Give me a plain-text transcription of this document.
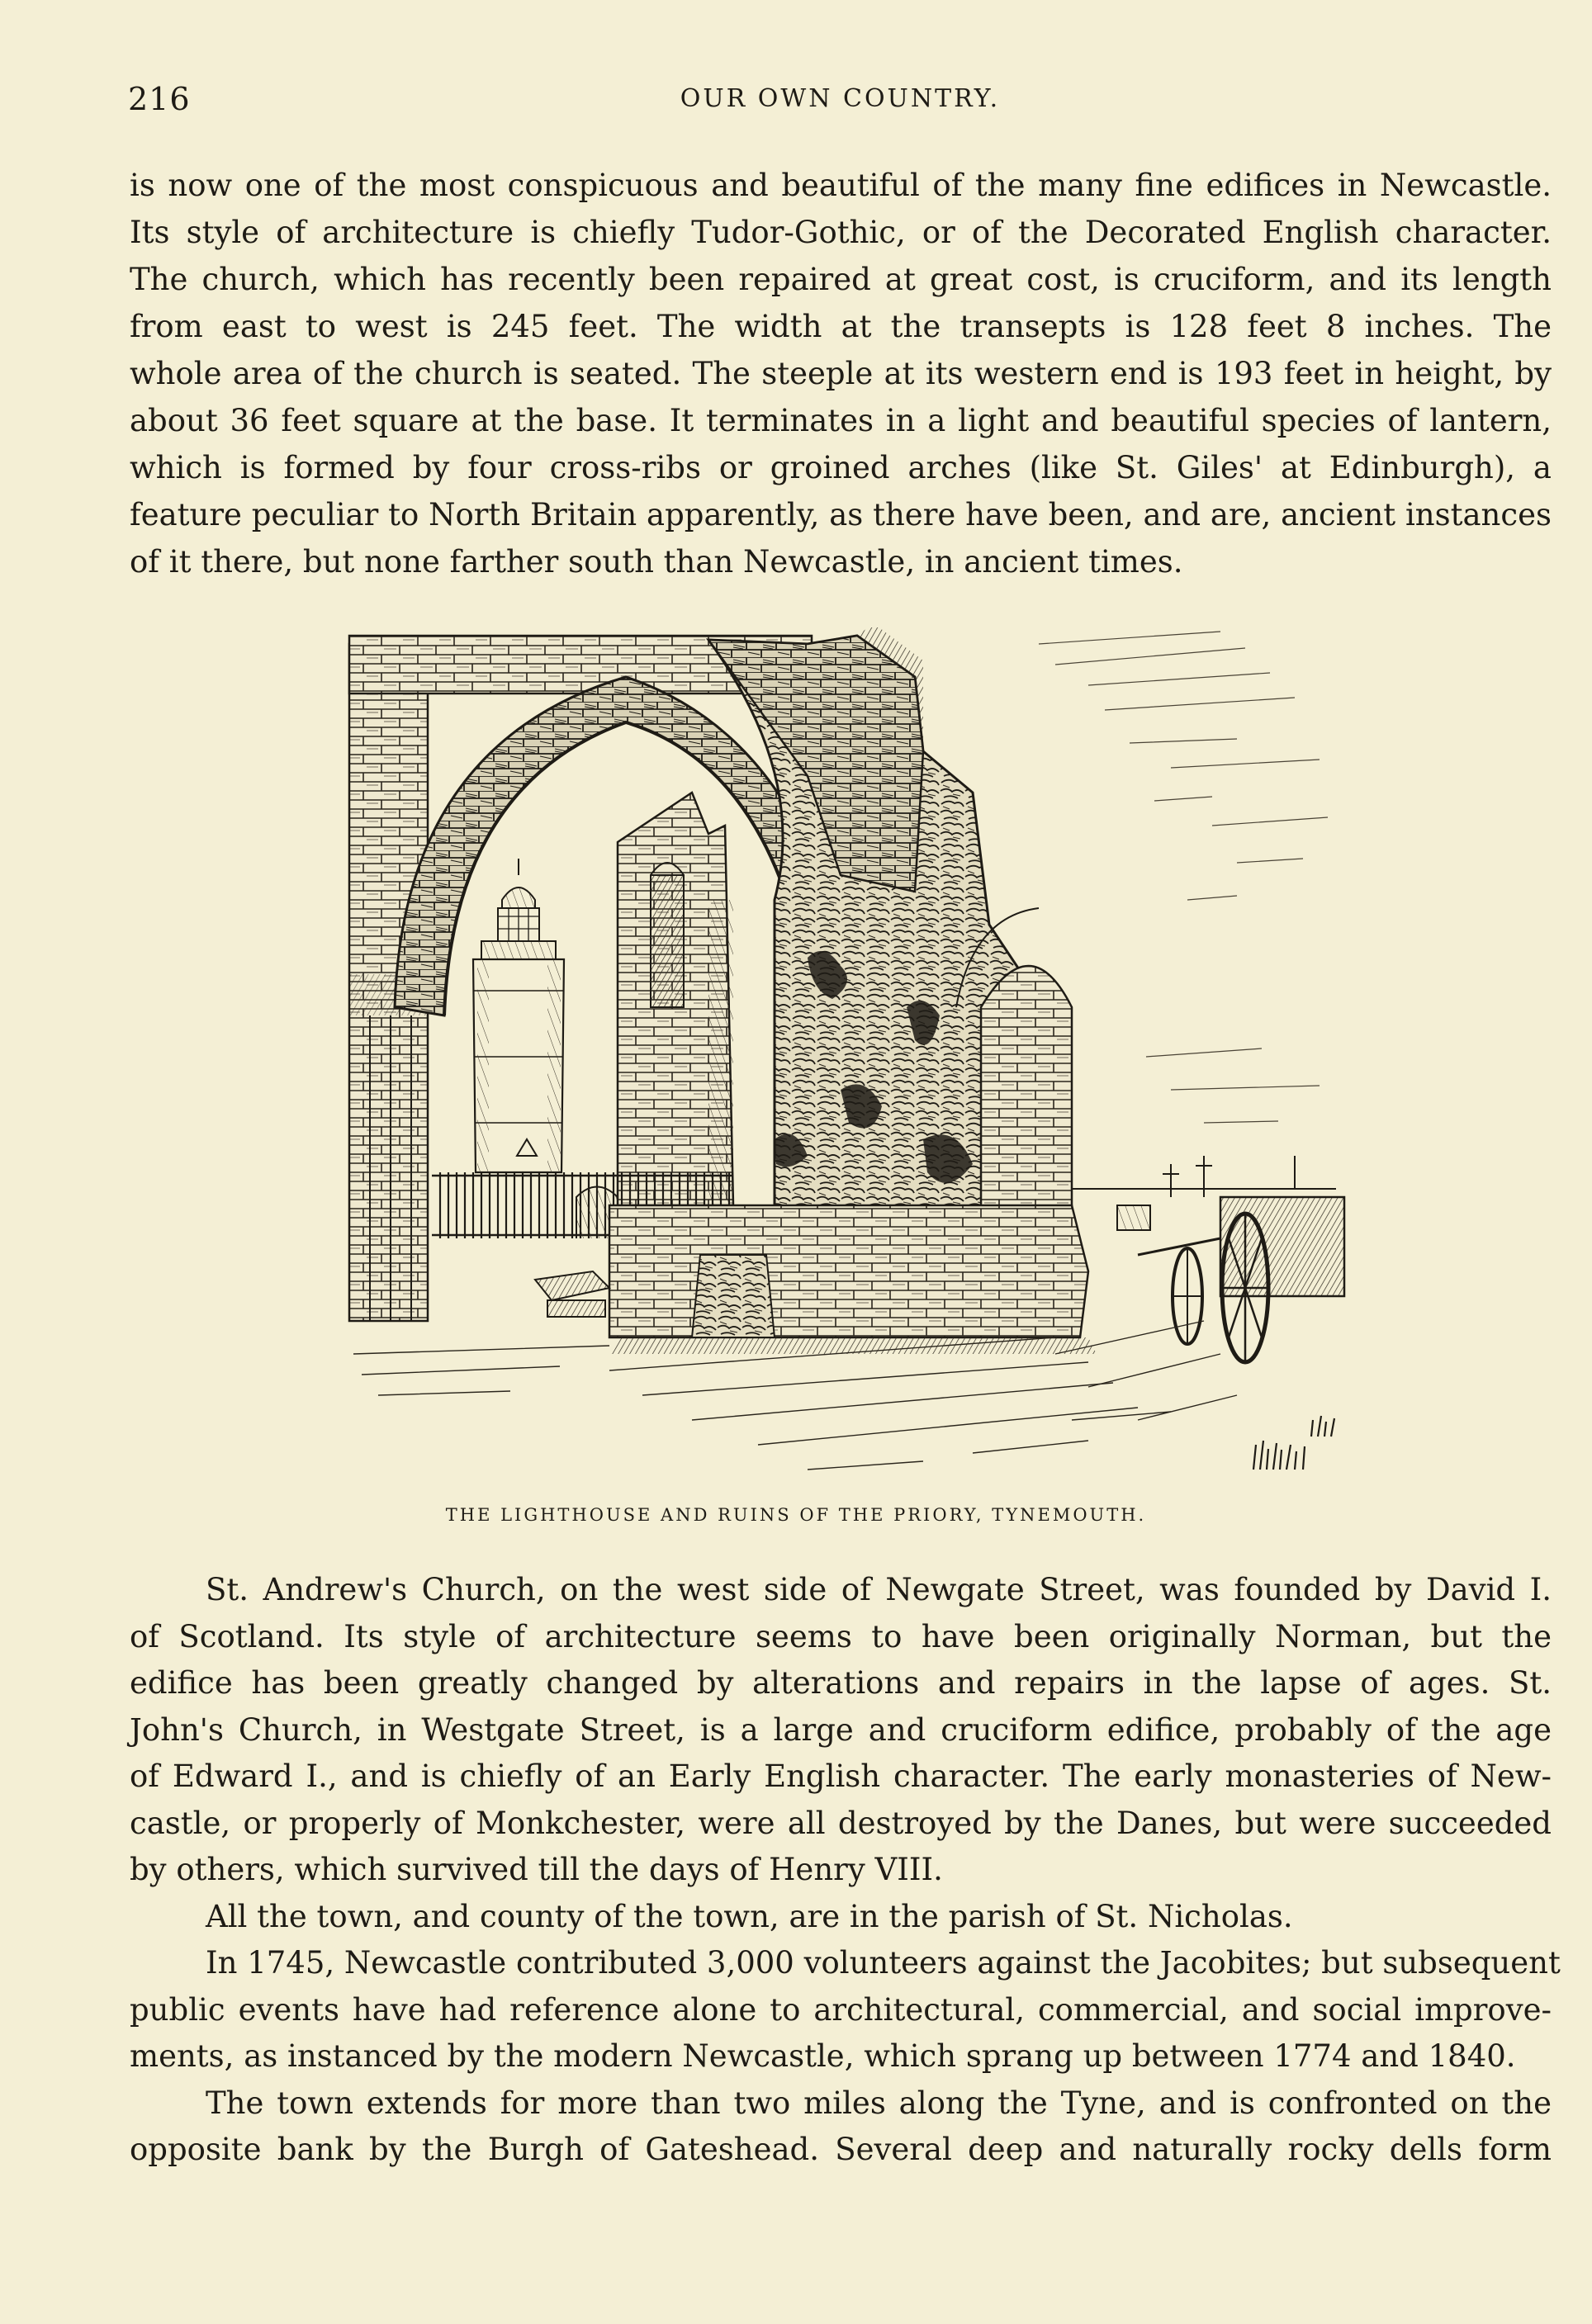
216	OUR OWN COUNTRY.

is now one of the most conspicuous and beautiful of the many fine edifices in Newcastle.

Its style of architecture is chiefly Tudor-Gothic, or of the Decorated English character.

The church, which has recently been repaired at great cost, is cruciform, and its length

from east to west is 245 feet. The width at the transepts is 128 feet 8 inches. The

whole area of the church is seated. The steeple at its western end is 193 feet in height, by

about 36 feet square at the base. It terminates in a light and beautiful species of lantern,

which is formed by four cross-ribs or groined arches (like St. Giles' at Edinburgh), a

feature peculiar to North Britain apparently, as there have been, and are, ancient instances

of it there, but none farther south than Newcastle, in ancient times.

THE LIGHTHOUSE AND RUINS OF THE PRIORY, TYNEMOUTH.

St. Andrew's Church, on the west side of Newgate Street, was founded by David I.

of Scotland. Its style of architecture seems to have been originally Norman, but the

edifice has been greatly changed by alterations and repairs in the lapse of ages. St.

John's Church, in Westgate Street, is a large and cruciform edifice, probably of the age

of Edward I., and is chiefly of an Early English character. The early monasteries of New-

castle, or properly of Monkchester, were all destroyed by the Danes, but were succeeded

by others, which survived till the days of Henry VIII.

All the town, and county of the town, are in the parish of St. Nicholas.

In 1745, Newcastle contributed 3,000 volunteers against the Jacobites; but subsequent

public events have had reference alone to architectural, commercial, and social improve-

ments, as instanced by the modern Newcastle, which sprang up between 1774 and 1840.

The town extends for more than two miles along the Tyne, and is confronted on the

opposite bank by the Burgh of Gateshead. Several deep and naturally rocky dells form
